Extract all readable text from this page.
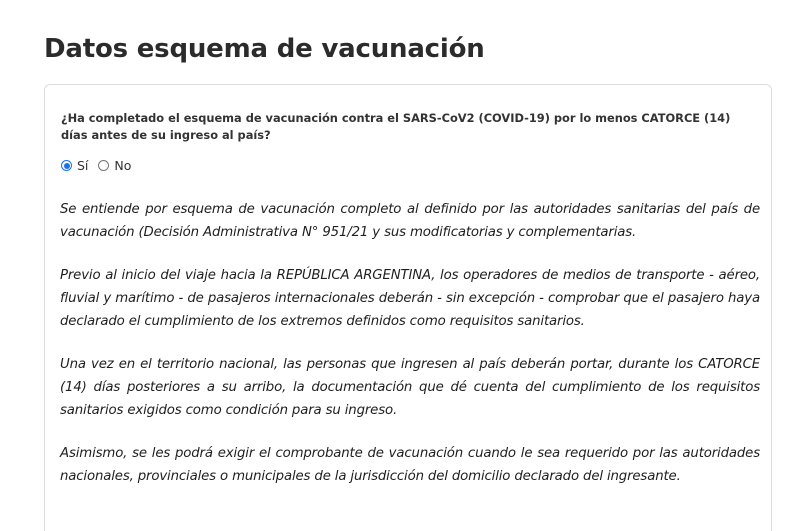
Datos esquema de vacunación

¿Ha completado el esquema de vacunación contra el SARS-CoV2 (COVID-19) por lo menos CATORCE (14) días antes de su ingreso al país?

Sí No

Se entiende por esquema de vacunación completo al definido por las autoridades sanitarias del país de vacunación (Decisión Administrativa N° 951/21 y sus modificatorias y complementarias.

Previo al inicio del viaje hacia la REPÚBLICA ARGENTINA, los operadores de medios de transporte - aéreo, fluvial y marítimo - de pasajeros internacionales deberán - sin excepción - comprobar que el pasajero haya declarado el cumplimiento de los extremos definidos como requisitos sanitarios.

Una vez en el territorio nacional, las personas que ingresen al país deberán portar, durante los CATORCE (14) días posteriores a su arribo, la documentación que dé cuenta del cumplimiento de los requisitos sanitarios exigidos como condición para su ingreso.

Asimismo, se les podrá exigir el comprobante de vacunación cuando le sea requerido por las autoridades nacionales, provinciales o municipales de la jurisdicción del domicilio declarado del ingresante.
